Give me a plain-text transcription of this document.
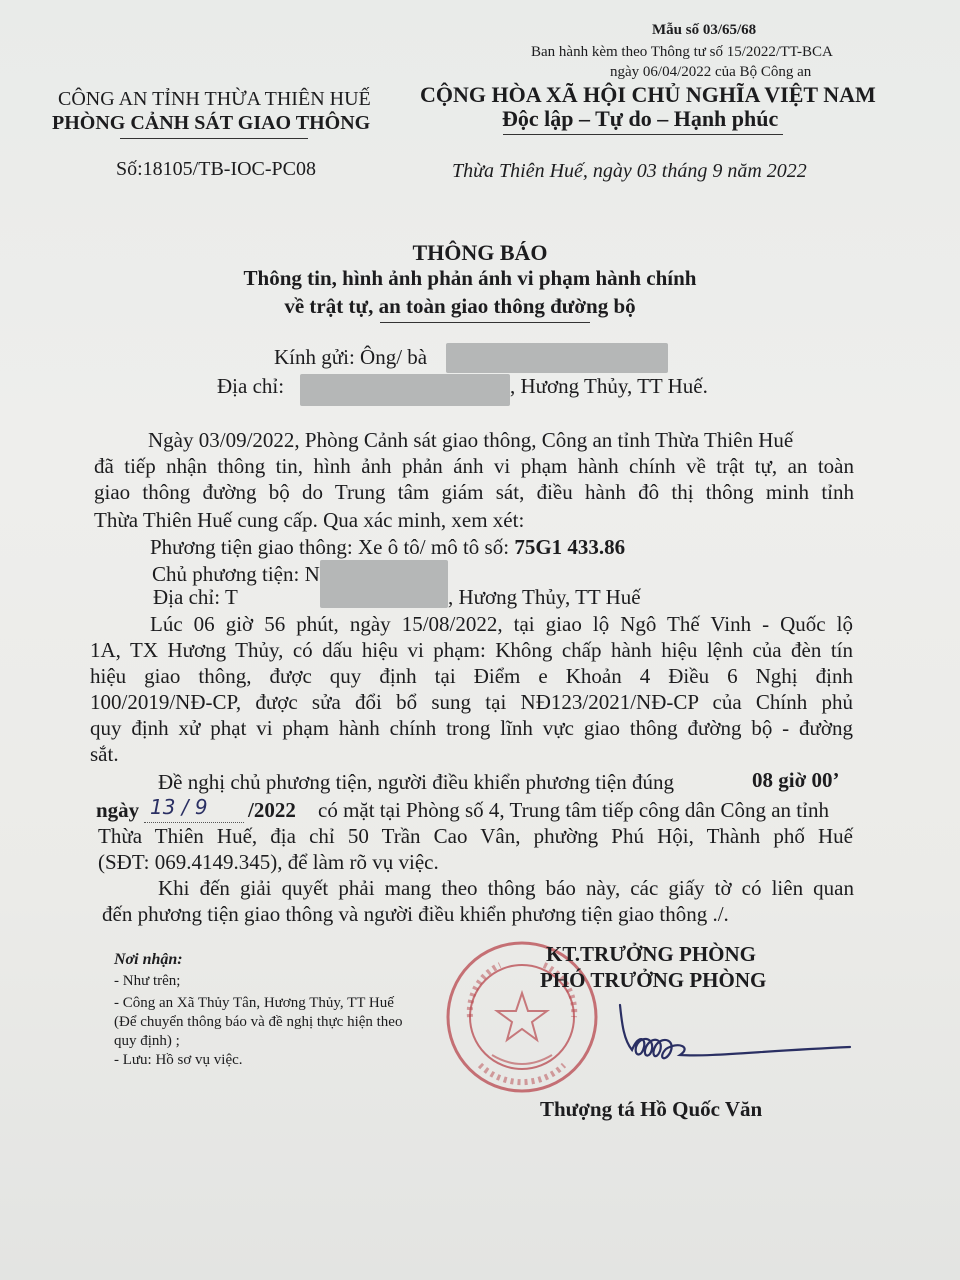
Mẫu số 03/65/68
Ban hành kèm theo Thông tư số 15/2022/TT-BCA
ngày 06/04/2022 của Bộ Công an
CÔNG AN TỈNH THỪA THIÊN HUẾ
PHÒNG CẢNH SÁT GIAO THÔNG
Số:18105/TB-IOC-PC08
CỘNG HÒA XÃ HỘI CHỦ NGHĨA VIỆT NAM
Độc lập – Tự do – Hạnh phúc
Thừa Thiên Huế, ngày 03 tháng 9 năm 2022
THÔNG BÁO
Thông tin, hình ảnh phản ánh vi phạm hành chính
về trật tự, an toàn giao thông đường bộ
Kính gửi: Ông/ bà
Địa chỉ:	, Hương Thủy, TT Huế.
Ngày 03/09/2022, Phòng Cảnh sát giao thông, Công an tỉnh Thừa Thiên Huế
đã tiếp nhận thông tin, hình ảnh phản ánh vi phạm hành chính về trật tự, an toàn
giao thông đường bộ do Trung tâm giám sát, điều hành đô thị thông minh tỉnh
Thừa Thiên Huế cung cấp. Qua xác minh, xem xét:
Phương tiện giao thông: Xe ô tô/ mô tô số: 75G1 433.86
Chủ phương tiện: N
Địa chỉ: T	, Hương Thủy, TT Huế
Lúc 06 giờ 56 phút, ngày 15/08/2022, tại giao lộ Ngô Thế Vinh - Quốc lộ
1A, TX Hương Thủy, có dấu hiệu vi phạm: Không chấp hành hiệu lệnh của đèn tín
hiệu giao thông, được quy định tại Điểm e Khoản 4 Điều 6 Nghị định
100/2019/NĐ-CP, được sửa đổi bổ sung tại NĐ123/2021/NĐ-CP của Chính phủ
quy định xử phạt vi phạm hành chính trong lĩnh vực giao thông đường bộ - đường
sắt.
Đề nghị chủ phương tiện, người điều khiển phương tiện đúng	08 giờ 00’
ngày 13 / 9 /2022 có mặt tại Phòng số 4, Trung tâm tiếp công dân Công an tỉnh
Thừa Thiên Huế, địa chỉ 50 Trần Cao Vân, phường Phú Hội, Thành phố Huế
(SĐT: 069.4149.345), để làm rõ vụ việc.
Khi đến giải quyết phải mang theo thông báo này, các giấy tờ có liên quan
đến phương tiện giao thông và người điều khiển phương tiện giao thông ./.
Nơi nhận:
- Như trên;
- Công an Xã Thủy Tân, Hương Thủy, TT Huế
(Để chuyển thông báo và đề nghị thực hiện theo
quy định) ;
- Lưu: Hồ sơ vụ việc.
KT.TRƯỞNG PHÒNG
PHÓ TRƯỞNG PHÒNG
Thượng tá Hồ Quốc Văn
